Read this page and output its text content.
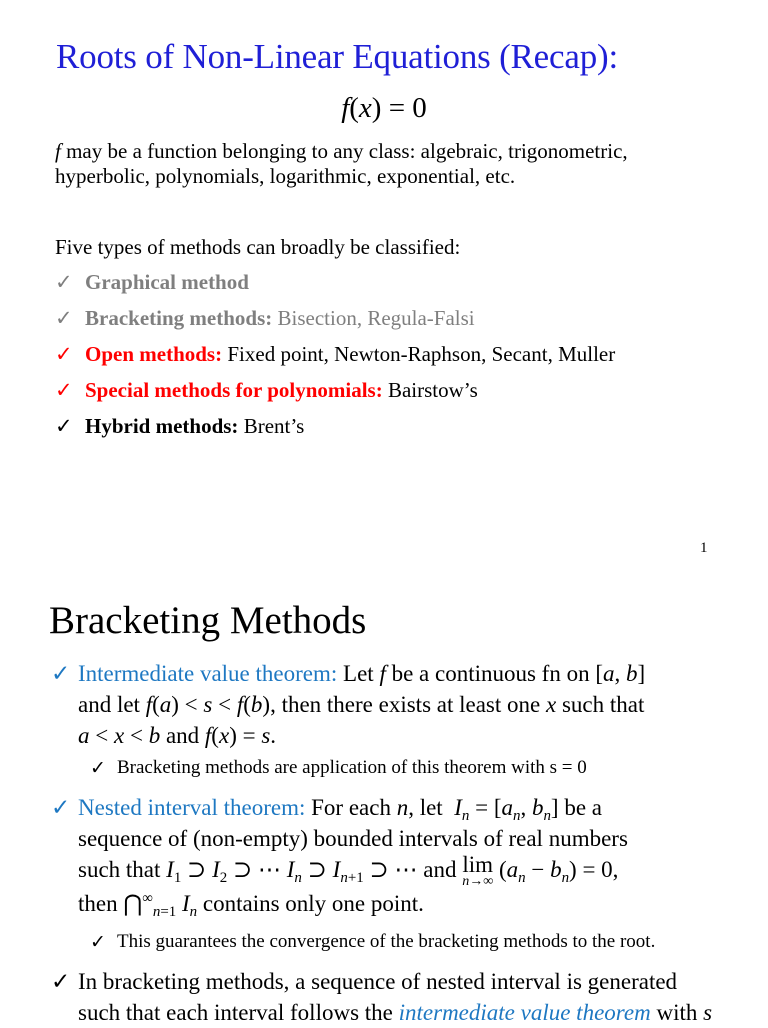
Roots of Non-Linear Equations (Recap):
f(x) = 0
f may be a function belonging to any class: algebraic, trigonometric,
hyperbolic, polynomials, logarithmic, exponential, etc.
Five types of methods can broadly be classified:
✓ Graphical method
✓ Bracketing methods: Bisection, Regula-Falsi
✓ Open methods: Fixed point, Newton-Raphson, Secant, Muller
✓ Special methods for polynomials: Bairstow’s
✓ Hybrid methods: Brent’s
1
Bracketing Methods
✓ Intermediate value theorem: Let f be a continuous fn on [a, b]
and let f(a) < s < f(b), then there exists at least one x such that
a < x < b and f(x) = s.
✓ Bracketing methods are application of this theorem with s = 0
✓ Nested interval theorem: For each n, let  $I_n = [a_n$, $b_n$] be a
sequence of (non-empty) bounded intervals of real numbers
such that $I_1$ ⊃ $I_2$ ⊃ ⋯ $I_n$ ⊃ $I_{n+1}$ ⊃ ⋯ and lim
n→∞ $(a_n - b_n) = 0$,
then $⋂^\infty_{n=1}$ $I_n$ contains only one point.
✓ This guarantees the convergence of the bracketing methods to the root.
✓ In bracketing methods, a sequence of nested interval is generated
such that each interval follows the intermediate value theorem with s
